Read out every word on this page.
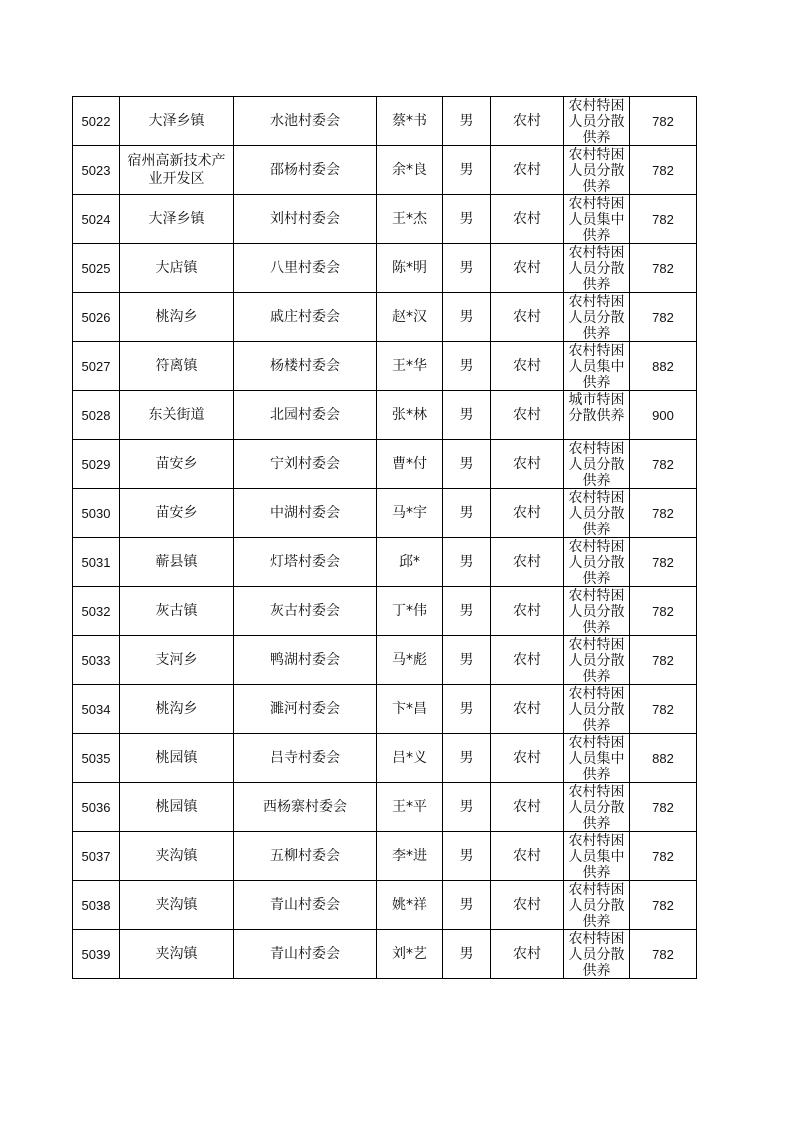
5022	大泽乡镇	水池村委会	蔡*书	男	农村	农村特困人员分散供养	782
5023	宿州高新技术产业开发区	邵杨村委会	余*良	男	农村	农村特困人员分散供养	782
5024	大泽乡镇	刘村村委会	王*杰	男	农村	农村特困人员集中供养	782
5025	大店镇	八里村委会	陈*明	男	农村	农村特困人员分散供养	782
5026	桃沟乡	戚庄村委会	赵*汉	男	农村	农村特困人员分散供养	782
5027	符离镇	杨楼村委会	王*华	男	农村	农村特困人员集中供养	882
5028	东关街道	北园村委会	张*林	男	农村	城市特困分散供养	900
5029	苗安乡	宁刘村委会	曹*付	男	农村	农村特困人员分散供养	782
5030	苗安乡	中湖村委会	马*宇	男	农村	农村特困人员分散供养	782
5031	蕲县镇	灯塔村委会	邱*	男	农村	农村特困人员分散供养	782
5032	灰古镇	灰古村委会	丁*伟	男	农村	农村特困人员分散供养	782
5033	支河乡	鸭湖村委会	马*彪	男	农村	农村特困人员分散供养	782
5034	桃沟乡	濉河村委会	卞*昌	男	农村	农村特困人员分散供养	782
5035	桃园镇	吕寺村委会	吕*义	男	农村	农村特困人员集中供养	882
5036	桃园镇	西杨寨村委会	王*平	男	农村	农村特困人员分散供养	782
5037	夹沟镇	五柳村委会	李*进	男	农村	农村特困人员集中供养	782
5038	夹沟镇	青山村委会	姚*祥	男	农村	农村特困人员分散供养	782
5039	夹沟镇	青山村委会	刘*艺	男	农村	农村特困人员分散供养	782
